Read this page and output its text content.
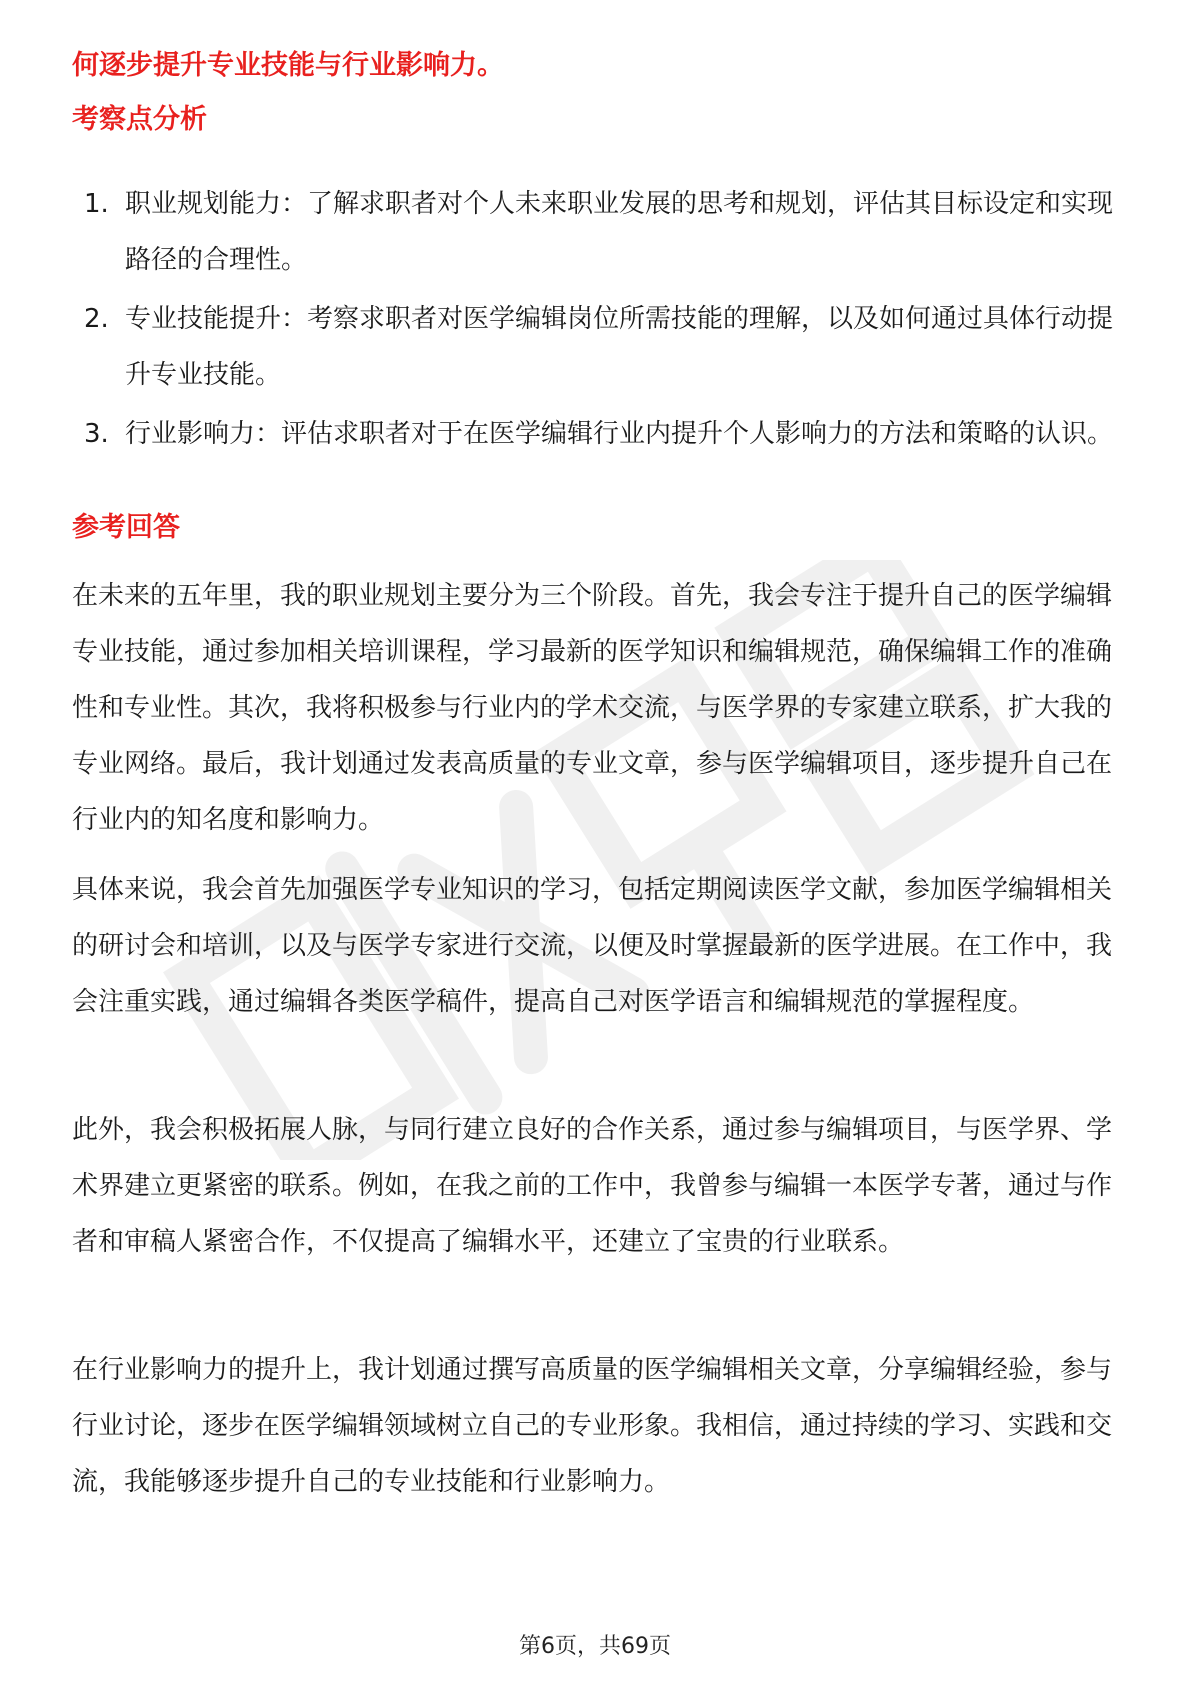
何逐步提升专业技能与行业影响力。
考察点分析
1. 职业规划能力：了解求职者对个人未来职业发展的思考和规划，评估其目标设定和实现路径的合理性。
2. 专业技能提升：考察求职者对医学编辑岗位所需技能的理解，以及如何通过具体行动提升专业技能。
3. 行业影响力：评估求职者对于在医学编辑行业内提升个人影响力的方法和策略的认识。
参考回答

在未来的五年里，我的职业规划主要分为三个阶段。首先，我会专注于提升自己的医学编辑专业技能，通过参加相关培训课程，学习最新的医学知识和编辑规范，确保编辑工作的准确性和专业性。其次，我将积极参与行业内的学术交流，与医学界的专家建立联系，扩大我的专业网络。最后，我计划通过发表高质量的专业文章，参与医学编辑项目，逐步提升自己在行业内的知名度和影响力。

具体来说，我会首先加强医学专业知识的学习，包括定期阅读医学文献，参加医学编辑相关的研讨会和培训，以及与医学专家进行交流，以便及时掌握最新的医学进展。在工作中，我会注重实践，通过编辑各类医学稿件，提高自己对医学语言和编辑规范的掌握程度。

此外，我会积极拓展人脉，与同行建立良好的合作关系，通过参与编辑项目，与医学界、学术界建立更紧密的联系。例如，在我之前的工作中，我曾参与编辑一本医学专著，通过与作者和审稿人紧密合作，不仅提高了编辑水平，还建立了宝贵的行业联系。

在行业影响力的提升上，我计划通过撰写高质量的医学编辑相关文章，分享编辑经验，参与行业讨论，逐步在医学编辑领域树立自己的专业形象。我相信，通过持续的学习、实践和交流，我能够逐步提升自己的专业技能和行业影响力。

第6页，共69页
